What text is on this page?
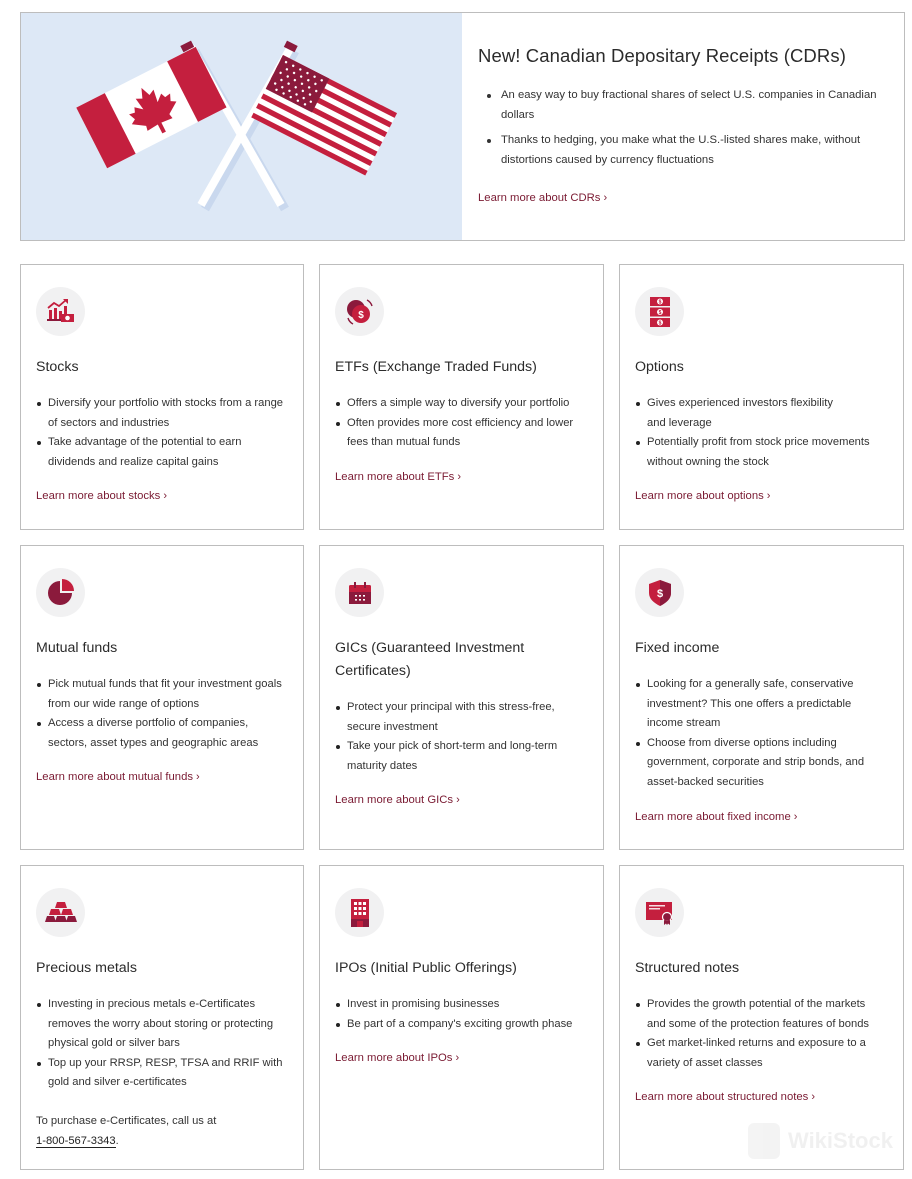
New! Canadian Depositary Receipts (CDRs)
An easy way to buy fractional shares of select U.S. companies in Canadian dollars
Thanks to hedging, you make what the U.S.-listed shares make, without distortions caused by currency fluctuations
Learn more about CDRs ›
Stocks
Diversify your portfolio with stocks from a range of sectors and industries
Take advantage of the potential to earn dividends and realize capital gains
Learn more about stocks ›
$
ETFs (Exchange Traded Funds)
Offers a simple way to diversify your portfolio
Often provides more cost efficiency and lower fees than mutual funds
Learn more about ETFs ›
$
$
$
Options
Gives experienced investors flexibility and leverage
Potentially profit from stock price movements without owning the stock
Learn more about options ›
Mutual funds
Pick mutual funds that fit your investment goals from our wide range of options
Access a diverse portfolio of companies, sectors, asset types and geographic areas
Learn more about mutual funds ›
GICs (Guaranteed Investment Certificates)
Protect your principal with this stress-free, secure investment
Take your pick of short-term and long-term maturity dates
Learn more about GICs ›
$
Fixed income
Looking for a generally safe, conservative investment? This one offers a predictable income stream
Choose from diverse options including government, corporate and strip bonds, and asset-backed securities
Learn more about fixed income ›
Precious metals
Investing in precious metals e-Certificates removes the worry about storing or protecting physical gold or silver bars
Top up your RRSP, RESP, TFSA and RRIF with gold and silver e-certificates

To purchase e-Certificates, call us at
1-800-567-3343.

IPOs (Initial Public Offerings)
Invest in promising businesses
Be part of a company's exciting growth phase
Learn more about IPOs ›
Structured notes
Provides the growth potential of the markets and some of the protection features of bonds
Get market-linked returns and exposure to a variety of asset classes
Learn more about structured notes ›
WikiStock
